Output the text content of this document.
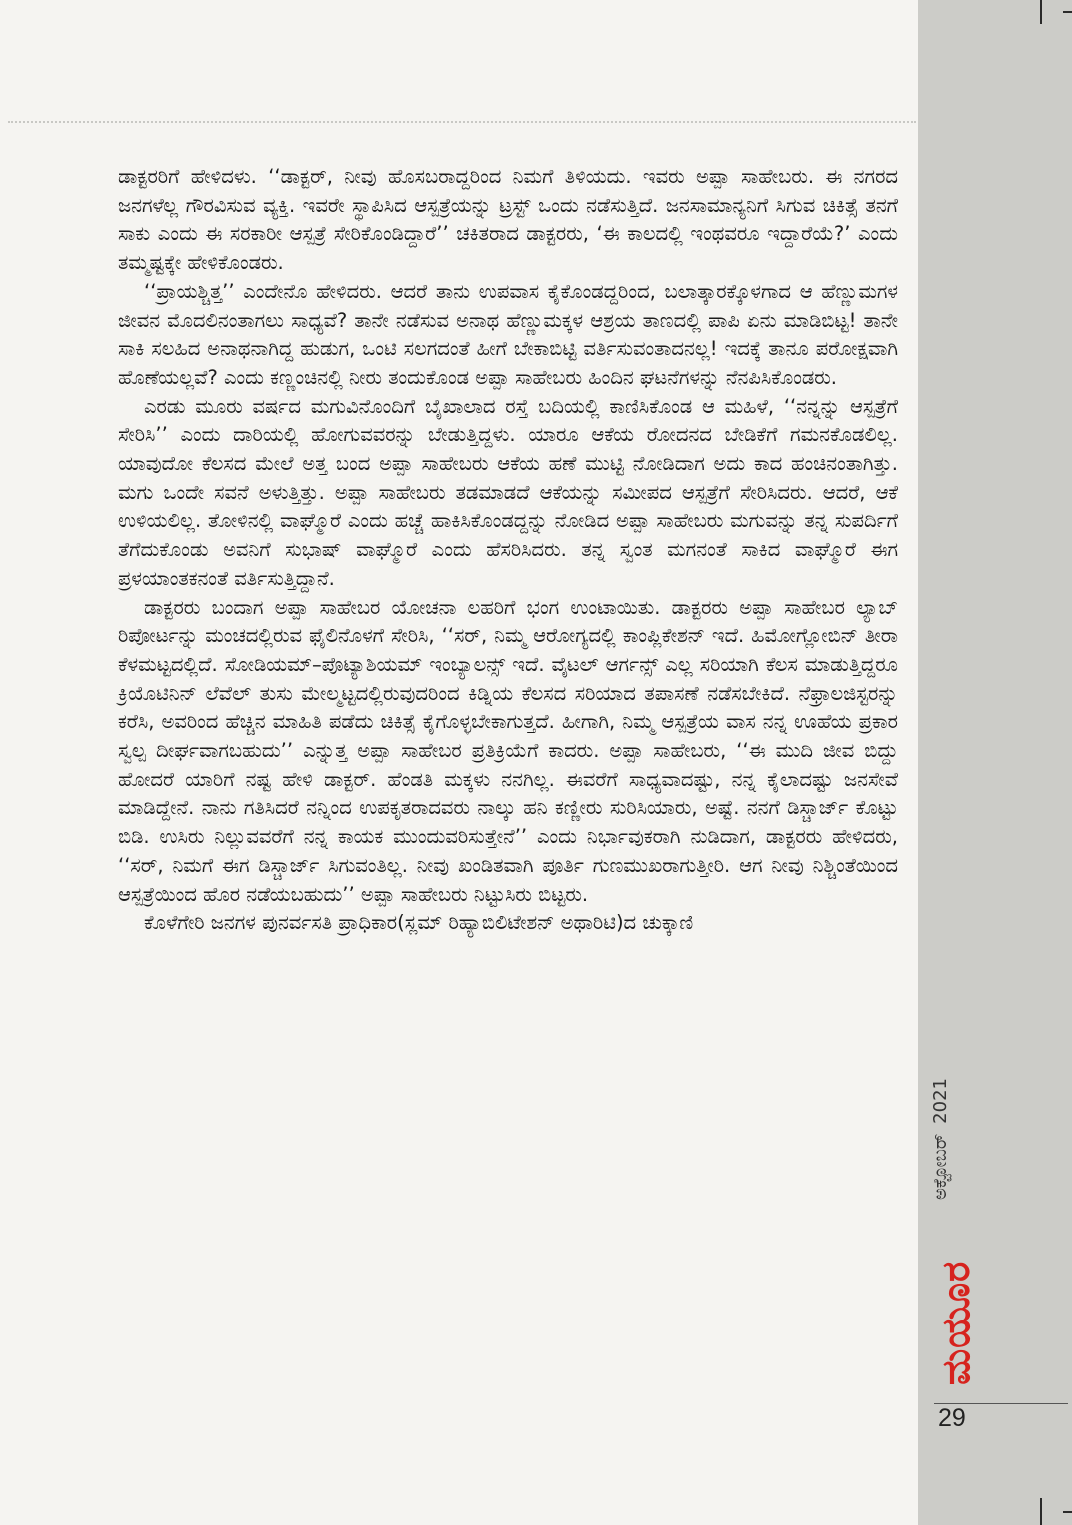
ಡಾಕ್ಟರರಿಗೆ ಹೇಳಿದಳು. ‘‘ಡಾಕ್ಟರ್, ನೀವು ಹೊಸಬರಾದ್ದರಿಂದ ನಿಮಗೆ ತಿಳಿಯದು. ಇವರು ಅಪ್ಪಾ ಸಾಹೇಬರು. ಈ ನಗರದ ಜನಗಳೆಲ್ಲ ಗೌರವಿಸುವ ವ್ಯಕ್ತಿ. ಇವರೇ ಸ್ಥಾಪಿಸಿದ ಆಸ್ಪತ್ರೆಯನ್ನು ಟ್ರಸ್ಟ್ ಒಂದು ನಡೆಸುತ್ತಿದೆ. ಜನಸಾಮಾನ್ಯನಿಗೆ ಸಿಗುವ ಚಿಕಿತ್ಸೆ ತನಗೆ ಸಾಕು ಎಂದು ಈ ಸರಕಾರೀ ಆಸ್ಪತ್ರೆ ಸೇರಿಕೊಂಡಿದ್ದಾರೆ’’ ಚಕಿತರಾದ ಡಾಕ್ಟರರು, ‘ಈ ಕಾಲದಲ್ಲಿ ಇಂಥವರೂ ಇದ್ದಾರೆಯೆ?’ ಎಂದು ತಮ್ಮಷ್ಟಕ್ಕೇ ಹೇಳಿಕೊಂಡರು.

‘‘ಪ್ರಾಯಶ್ಚಿತ್ತ’’ ಎಂದೇನೊ ಹೇಳಿದರು. ಆದರೆ ತಾನು ಉಪವಾಸ ಕೈಕೊಂಡದ್ದರಿಂದ, ಬಲಾತ್ಕಾರಕ್ಕೊಳಗಾದ ಆ ಹೆಣ್ಣುಮಗಳ ಜೀವನ ಮೊದಲಿನಂತಾಗಲು ಸಾಧ್ಯವೆ? ತಾನೇ ನಡೆಸುವ ಅನಾಥ ಹೆಣ್ಣುಮಕ್ಕಳ ಆಶ್ರಯ ತಾಣದಲ್ಲಿ ಪಾಪಿ ಏನು ಮಾಡಿಬಿಟ್ಟ! ತಾನೇ ಸಾಕಿ ಸಲಹಿದ ಅನಾಥನಾಗಿದ್ದ ಹುಡುಗ, ಒಂಟಿ ಸಲಗದಂತೆ ಹೀಗೆ ಬೇಕಾಬಿಟ್ಟಿ ವರ್ತಿಸುವಂತಾದನಲ್ಲ! ಇದಕ್ಕೆ ತಾನೂ ಪರೋಕ್ಷವಾಗಿ ಹೊಣೆಯಲ್ಲವೆ? ಎಂದು ಕಣ್ಣಂಚಿನಲ್ಲಿ ನೀರು ತಂದುಕೊಂಡ ಅಪ್ಪಾ ಸಾಹೇಬರು ಹಿಂದಿನ ಘಟನೆಗಳನ್ನು ನೆನಪಿಸಿಕೊಂಡರು.

ಎರಡು ಮೂರು ವರ್ಷದ ಮಗುವಿನೊಂದಿಗೆ ಬೈಖಾಲಾದ ರಸ್ತೆ ಬದಿಯಲ್ಲಿ ಕಾಣಿಸಿಕೊಂಡ ಆ ಮಹಿಳೆ, ‘‘ನನ್ನನ್ನು ಆಸ್ಪತ್ರೆಗೆ ಸೇರಿಸಿ’’ ಎಂದು ದಾರಿಯಲ್ಲಿ ಹೋಗುವವರನ್ನು ಬೇಡುತ್ತಿದ್ದಳು. ಯಾರೂ ಆಕೆಯ ರೋದನದ ಬೇಡಿಕೆಗೆ ಗಮನಕೊಡಲಿಲ್ಲ. ಯಾವುದೋ ಕೆಲಸದ ಮೇಲೆ ಅತ್ತ ಬಂದ ಅಪ್ಪಾ ಸಾಹೇಬರು ಆಕೆಯ ಹಣೆ ಮುಟ್ಟಿ ನೋಡಿದಾಗ ಅದು ಕಾದ ಹಂಚಿನಂತಾಗಿತ್ತು. ಮಗು ಒಂದೇ ಸವನೆ ಅಳುತ್ತಿತ್ತು. ಅಪ್ಪಾ ಸಾಹೇಬರು ತಡಮಾಡದೆ ಆಕೆಯನ್ನು ಸಮೀಪದ ಆಸ್ಪತ್ರೆಗೆ ಸೇರಿಸಿದರು. ಆದರೆ, ಆಕೆ ಉಳಿಯಲಿಲ್ಲ. ತೋಳಿನಲ್ಲಿ ವಾಘ್ಮೊರೆ ಎಂದು ಹಚ್ಚೆ ಹಾಕಿಸಿಕೊಂಡದ್ದನ್ನು ನೋಡಿದ ಅಪ್ಪಾ ಸಾಹೇಬರು ಮಗುವನ್ನು ತನ್ನ ಸುಪರ್ದಿಗೆ ತೆಗೆದುಕೊಂಡು ಅವನಿಗೆ ಸುಭಾಷ್ ವಾಘ್ಮೊರೆ ಎಂದು ಹೆಸರಿಸಿದರು. ತನ್ನ ಸ್ವಂತ ಮಗನಂತೆ ಸಾಕಿದ ವಾಘ್ಮೊರೆ ಈಗ ಪ್ರಳಯಾಂತಕನಂತೆ ವರ್ತಿಸುತ್ತಿದ್ದಾನೆ.

ಡಾಕ್ಟರರು ಬಂದಾಗ ಅಪ್ಪಾ ಸಾಹೇಬರ ಯೋಚನಾ ಲಹರಿಗೆ ಭಂಗ ಉಂಟಾಯಿತು. ಡಾಕ್ಟರರು ಅಪ್ಪಾ ಸಾಹೇಬರ ಲ್ಯಾಬ್ ರಿಪೋರ್ಟನ್ನು ಮಂಚದಲ್ಲಿರುವ ಫೈಲಿನೊಳಗೆ ಸೇರಿಸಿ, ‘‘ಸರ್, ನಿಮ್ಮ ಆರೋಗ್ಯದಲ್ಲಿ ಕಾಂಪ್ಲಿಕೇಶನ್ ಇದೆ. ಹಿಮೋಗ್ಲೋಬಿನ್ ತೀರಾ ಕೆಳಮಟ್ಟದಲ್ಲಿದೆ. ಸೋಡಿಯಮ್–ಪೊಟ್ಯಾಶಿಯಮ್ ಇಂಬ್ಯಾಲನ್ಸ್ ಇದೆ. ವೈಟಲ್ ಆರ್ಗನ್ಸ್ ಎಲ್ಲ ಸರಿಯಾಗಿ ಕೆಲಸ ಮಾಡುತ್ತಿದ್ದರೂ ಕ್ರಿಯೊಟಿನಿನ್ ಲೆವೆಲ್ ತುಸು ಮೇಲ್ಮಟ್ಟದಲ್ಲಿರುವುದರಿಂದ ಕಿಡ್ನಿಯ ಕೆಲಸದ ಸರಿಯಾದ ತಪಾಸಣೆ ನಡೆಸಬೇಕಿದೆ. ನೆಫ್ರಾಲಜಿಸ್ಟರನ್ನು ಕರೆಸಿ, ಅವರಿಂದ ಹೆಚ್ಚಿನ ಮಾಹಿತಿ ಪಡೆದು ಚಿಕಿತ್ಸೆ ಕೈಗೊಳ್ಳಬೇಕಾಗುತ್ತದೆ. ಹೀಗಾಗಿ, ನಿಮ್ಮ ಆಸ್ಪತ್ರೆಯ ವಾಸ ನನ್ನ ಊಹೆಯ ಪ್ರಕಾರ ಸ್ವಲ್ಪ ದೀರ್ಘವಾಗಬಹುದು’’ ಎನ್ನುತ್ತ ಅಪ್ಪಾ ಸಾಹೇಬರ ಪ್ರತಿಕ್ರಿಯೆಗೆ ಕಾದರು. ಅಪ್ಪಾ ಸಾಹೇಬರು, ‘‘ಈ ಮುದಿ ಜೀವ ಬಿದ್ದು ಹೋದರೆ ಯಾರಿಗೆ ನಷ್ಟ ಹೇಳಿ ಡಾಕ್ಟರ್. ಹೆಂಡತಿ ಮಕ್ಕಳು ನನಗಿಲ್ಲ. ಈವರೆಗೆ ಸಾಧ್ಯವಾದಷ್ಟು, ನನ್ನ ಕೈಲಾದಷ್ಟು ಜನಸೇವೆ ಮಾಡಿದ್ದೇನೆ. ನಾನು ಗತಿಸಿದರೆ ನನ್ನಿಂದ ಉಪಕೃತರಾದವರು ನಾಲ್ಕು ಹನಿ ಕಣ್ಣೀರು ಸುರಿಸಿಯಾರು, ಅಷ್ಟೆ. ನನಗೆ ಡಿಸ್ಚಾರ್ಜ್ ಕೊಟ್ಟು ಬಿಡಿ. ಉಸಿರು ನಿಲ್ಲುವವರೆಗೆ ನನ್ನ ಕಾಯಕ ಮುಂದುವರಿಸುತ್ತೇನೆ’’ ಎಂದು ನಿರ್ಭಾವುಕರಾಗಿ ನುಡಿದಾಗ, ಡಾಕ್ಟರರು ಹೇಳಿದರು, ‘‘ಸರ್, ನಿಮಗೆ ಈಗ ಡಿಸ್ಚಾರ್ಜ್ ಸಿಗುವಂತಿಲ್ಲ. ನೀವು ಖಂಡಿತವಾಗಿ ಪೂರ್ತಿ ಗುಣಮುಖರಾಗುತ್ತೀರಿ. ಆಗ ನೀವು ನಿಶ್ಚಿಂತೆಯಿಂದ ಆಸ್ಪತ್ರೆಯಿಂದ ಹೊರ ನಡೆಯಬಹುದು’’ ಅಪ್ಪಾ ಸಾಹೇಬರು ನಿಟ್ಟುಸಿರು ಬಿಟ್ಟರು.

ಕೊಳೆಗೇರಿ ಜನಗಳ ಪುನರ್ವಸತಿ ಪ್ರಾಧಿಕಾರ(ಸ್ಲಮ್ ರಿಹ್ಯಾಬಿಲಿಟೇಶನ್ ಅಥಾರಿಟಿ)ದ ಚುಕ್ಕಾಣಿ

ಅಕ್ಟೋಬರ್
2021
ಮಯೂರ
29
